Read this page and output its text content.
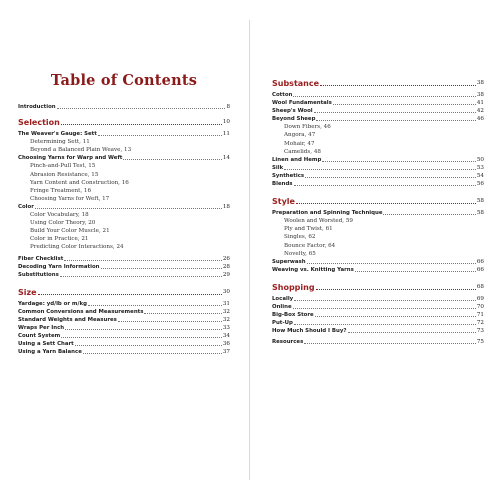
Table of Contents
Introduction	8
Selection	10
The Weaver's Gauge: Sett	11
Determining Sett, 11
Beyond a Balanced Plain Weave, 13
Choosing Yarns for Warp and Weft	14
Pinch-and-Pull Test, 15
Abrasion Resistance, 15
Yarn Content and Construction, 16
Fringe Treatment, 16
Choosing Yarns for Weft, 17
Color	18
Color Vocabulary, 18
Using Color Theory, 20
Build Your Color Muscle, 21
Color in Practice, 21
Predicting Color Interactions, 24
Fiber Checklist	26
Decoding Yarn Information	28
Substitutions	29
Size	30
Yardage: yd/lb or m/kg	31
Common Conversions and Measurements	32
Standard Weights and Measures	32
Wraps Per Inch	33
Count System	34
Using a Sett Chart	36
Using a Yarn Balance	37
Substance	38
Cotton	38
Wool Fundamentals	41
Sheep's Wool	42
Beyond Sheep	46
Down Fibers, 46
Angora, 47
Mohair, 47
Camelids, 48
Linen and Hemp	50
Silk	53
Synthetics	54
Blends	56
Style	58
Preparation and Spinning Technique	58
Woolen and Worsted, 59
Ply and Twist, 61
Singles, 62
Bounce Factor, 64
Novelty, 65
Superwash	66
Weaving vs. Knitting Yarns	66
Shopping	68
Locally	69
Online	70
Big-Box Store	71
Put-Up	72
How Much Should I Buy?	73
Resources	75
